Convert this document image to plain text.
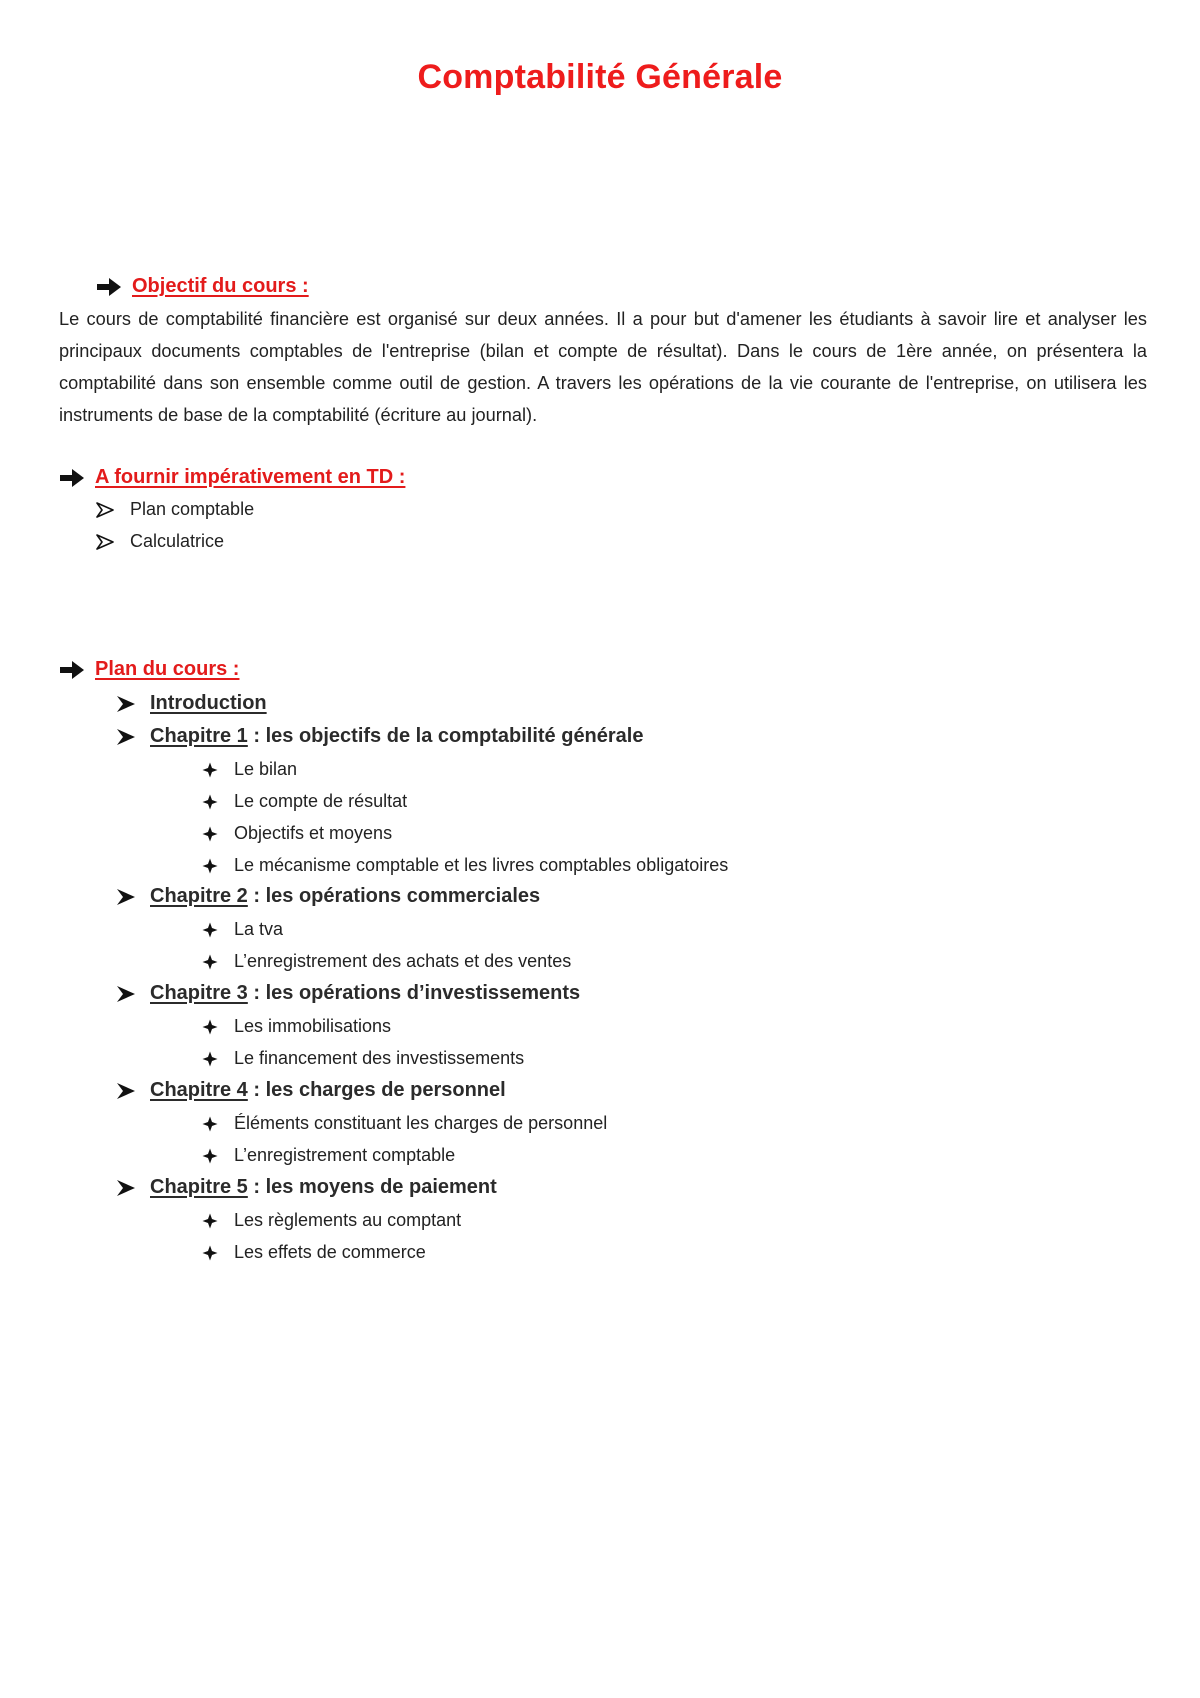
Comptabilité Générale
Objectif du cours :
Le cours de comptabilité financière est organisé sur deux années. Il a pour but d'amener les étudiants à savoir lire et analyser les principaux documents comptables de l'entreprise (bilan et compte de résultat). Dans le cours de 1ère année, on présentera la comptabilité dans son ensemble comme outil de gestion. A travers les opérations de la vie courante de l'entreprise, on utilisera les instruments de base de la comptabilité (écriture au journal).
A fournir impérativement en TD :
Plan comptable
Calculatrice
Plan du cours :
Introduction
Chapitre 1 : les objectifs de la comptabilité générale
Le bilan
Le compte de résultat
Objectifs et moyens
Le mécanisme comptable et les livres comptables obligatoires
Chapitre 2 : les opérations commerciales
La tva
L’enregistrement des achats et des ventes
Chapitre 3 : les opérations d’investissements
Les immobilisations
Le financement des investissements
Chapitre 4 : les charges de personnel
Éléments constituant les charges de personnel
L’enregistrement comptable
Chapitre 5 : les moyens de paiement
Les règlements au comptant
Les effets de commerce
